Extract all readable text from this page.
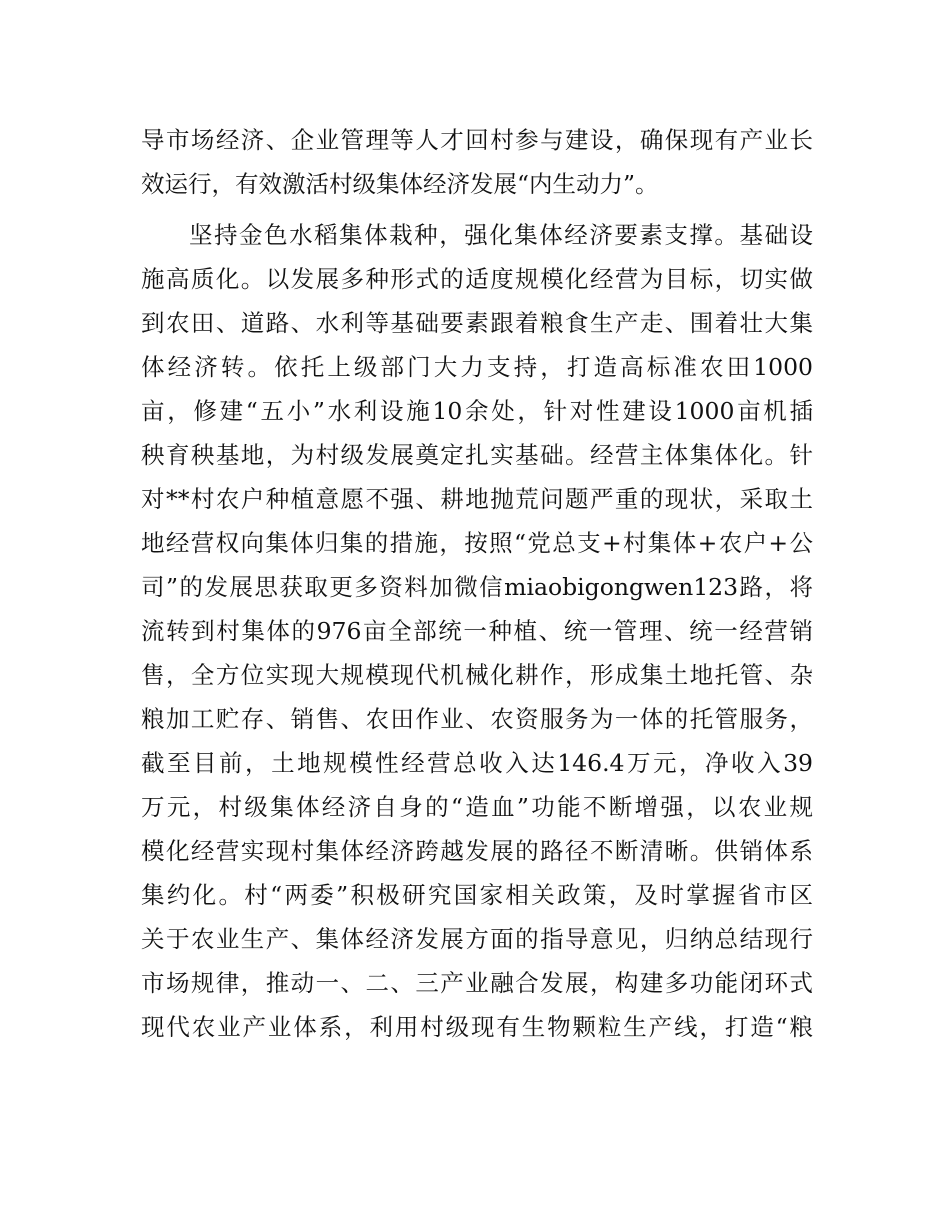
导市场经济、企业管理等人才回村参与建设，确保现有产业长
效运行，有效激活村级集体经济发展“内生动力”。
坚持金色水稻集体栽种，强化集体经济要素支撑。基础设
施高质化。以发展多种形式的适度规模化经营为目标，切实做
到农田、道路、水利等基础要素跟着粮食生产走、围着壮大集
体经济转。依托上级部门大力支持，打造高标准农田1000
亩，修建“五小”水利设施10余处，针对性建设1000亩机插
秧育秧基地，为村级发展奠定扎实基础。经营主体集体化。针
对**村农户种植意愿不强、耕地抛荒问题严重的现状，采取土
地经营权向集体归集的措施，按照“党总支+村集体+农户+公
司”的发展思获取更多资料加微信miaobigongwen123路，将
流转到村集体的976亩全部统一种植、统一管理、统一经营销
售，全方位实现大规模现代机械化耕作，形成集土地托管、杂
粮加工贮存、销售、农田作业、农资服务为一体的托管服务，
截至目前，土地规模性经营总收入达146.4万元，净收入39
万元，村级集体经济自身的“造血”功能不断增强，以农业规
模化经营实现村集体经济跨越发展的路径不断清晰。供销体系
集约化。村“两委”积极研究国家相关政策，及时掌握省市区
关于农业生产、集体经济发展方面的指导意见，归纳总结现行
市场规律，推动一、二、三产业融合发展，构建多功能闭环式
现代农业产业体系，利用村级现有生物颗粒生产线，打造“粮
